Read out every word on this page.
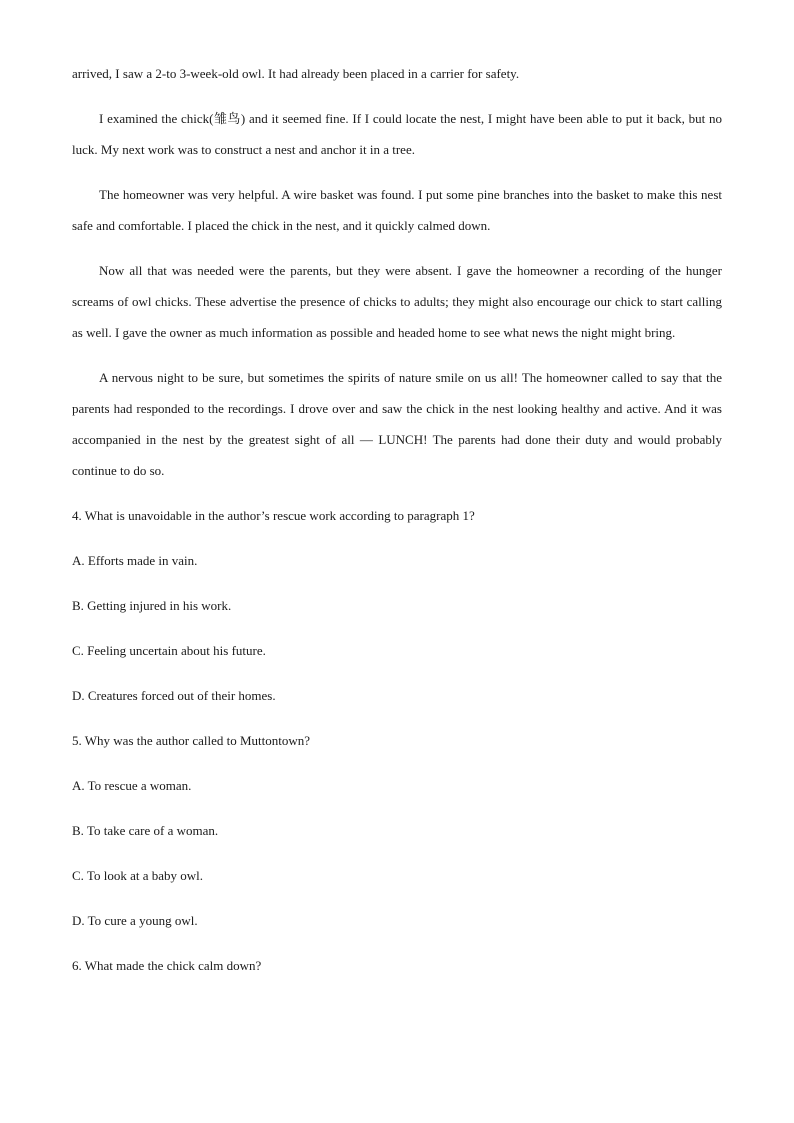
arrived, I saw a 2-to 3-week-old owl. It had already been placed in a carrier for safety.

I examined the chick(雏鸟) and it seemed fine. If I could locate the nest, I might have been able to put it back, but no luck. My next work was to construct a nest and anchor it in a tree.

The homeowner was very helpful. A wire basket was found. I put some pine branches into the basket to make this nest safe and comfortable. I placed the chick in the nest, and it quickly calmed down.

Now all that was needed were the parents, but they were absent. I gave the homeowner a recording of the hunger screams of owl chicks. These advertise the presence of chicks to adults; they might also encourage our chick to start calling as well. I gave the owner as much information as possible and headed home to see what news the night might bring.

A nervous night to be sure, but sometimes the spirits of nature smile on us all! The homeowner called to say that the parents had responded to the recordings. I drove over and saw the chick in the nest looking healthy and active. And it was accompanied in the nest by the greatest sight of all — LUNCH! The parents had done their duty and would probably continue to do so.

4. What is unavoidable in the author’s rescue work according to paragraph 1?

A. Efforts made in vain.

B. Getting injured in his work.

C. Feeling uncertain about his future.

D. Creatures forced out of their homes.

5. Why was the author called to Muttontown?

A. To rescue a woman.

B. To take care of a woman.

C. To look at a baby owl.

D. To cure a young owl.

6. What made the chick calm down?
